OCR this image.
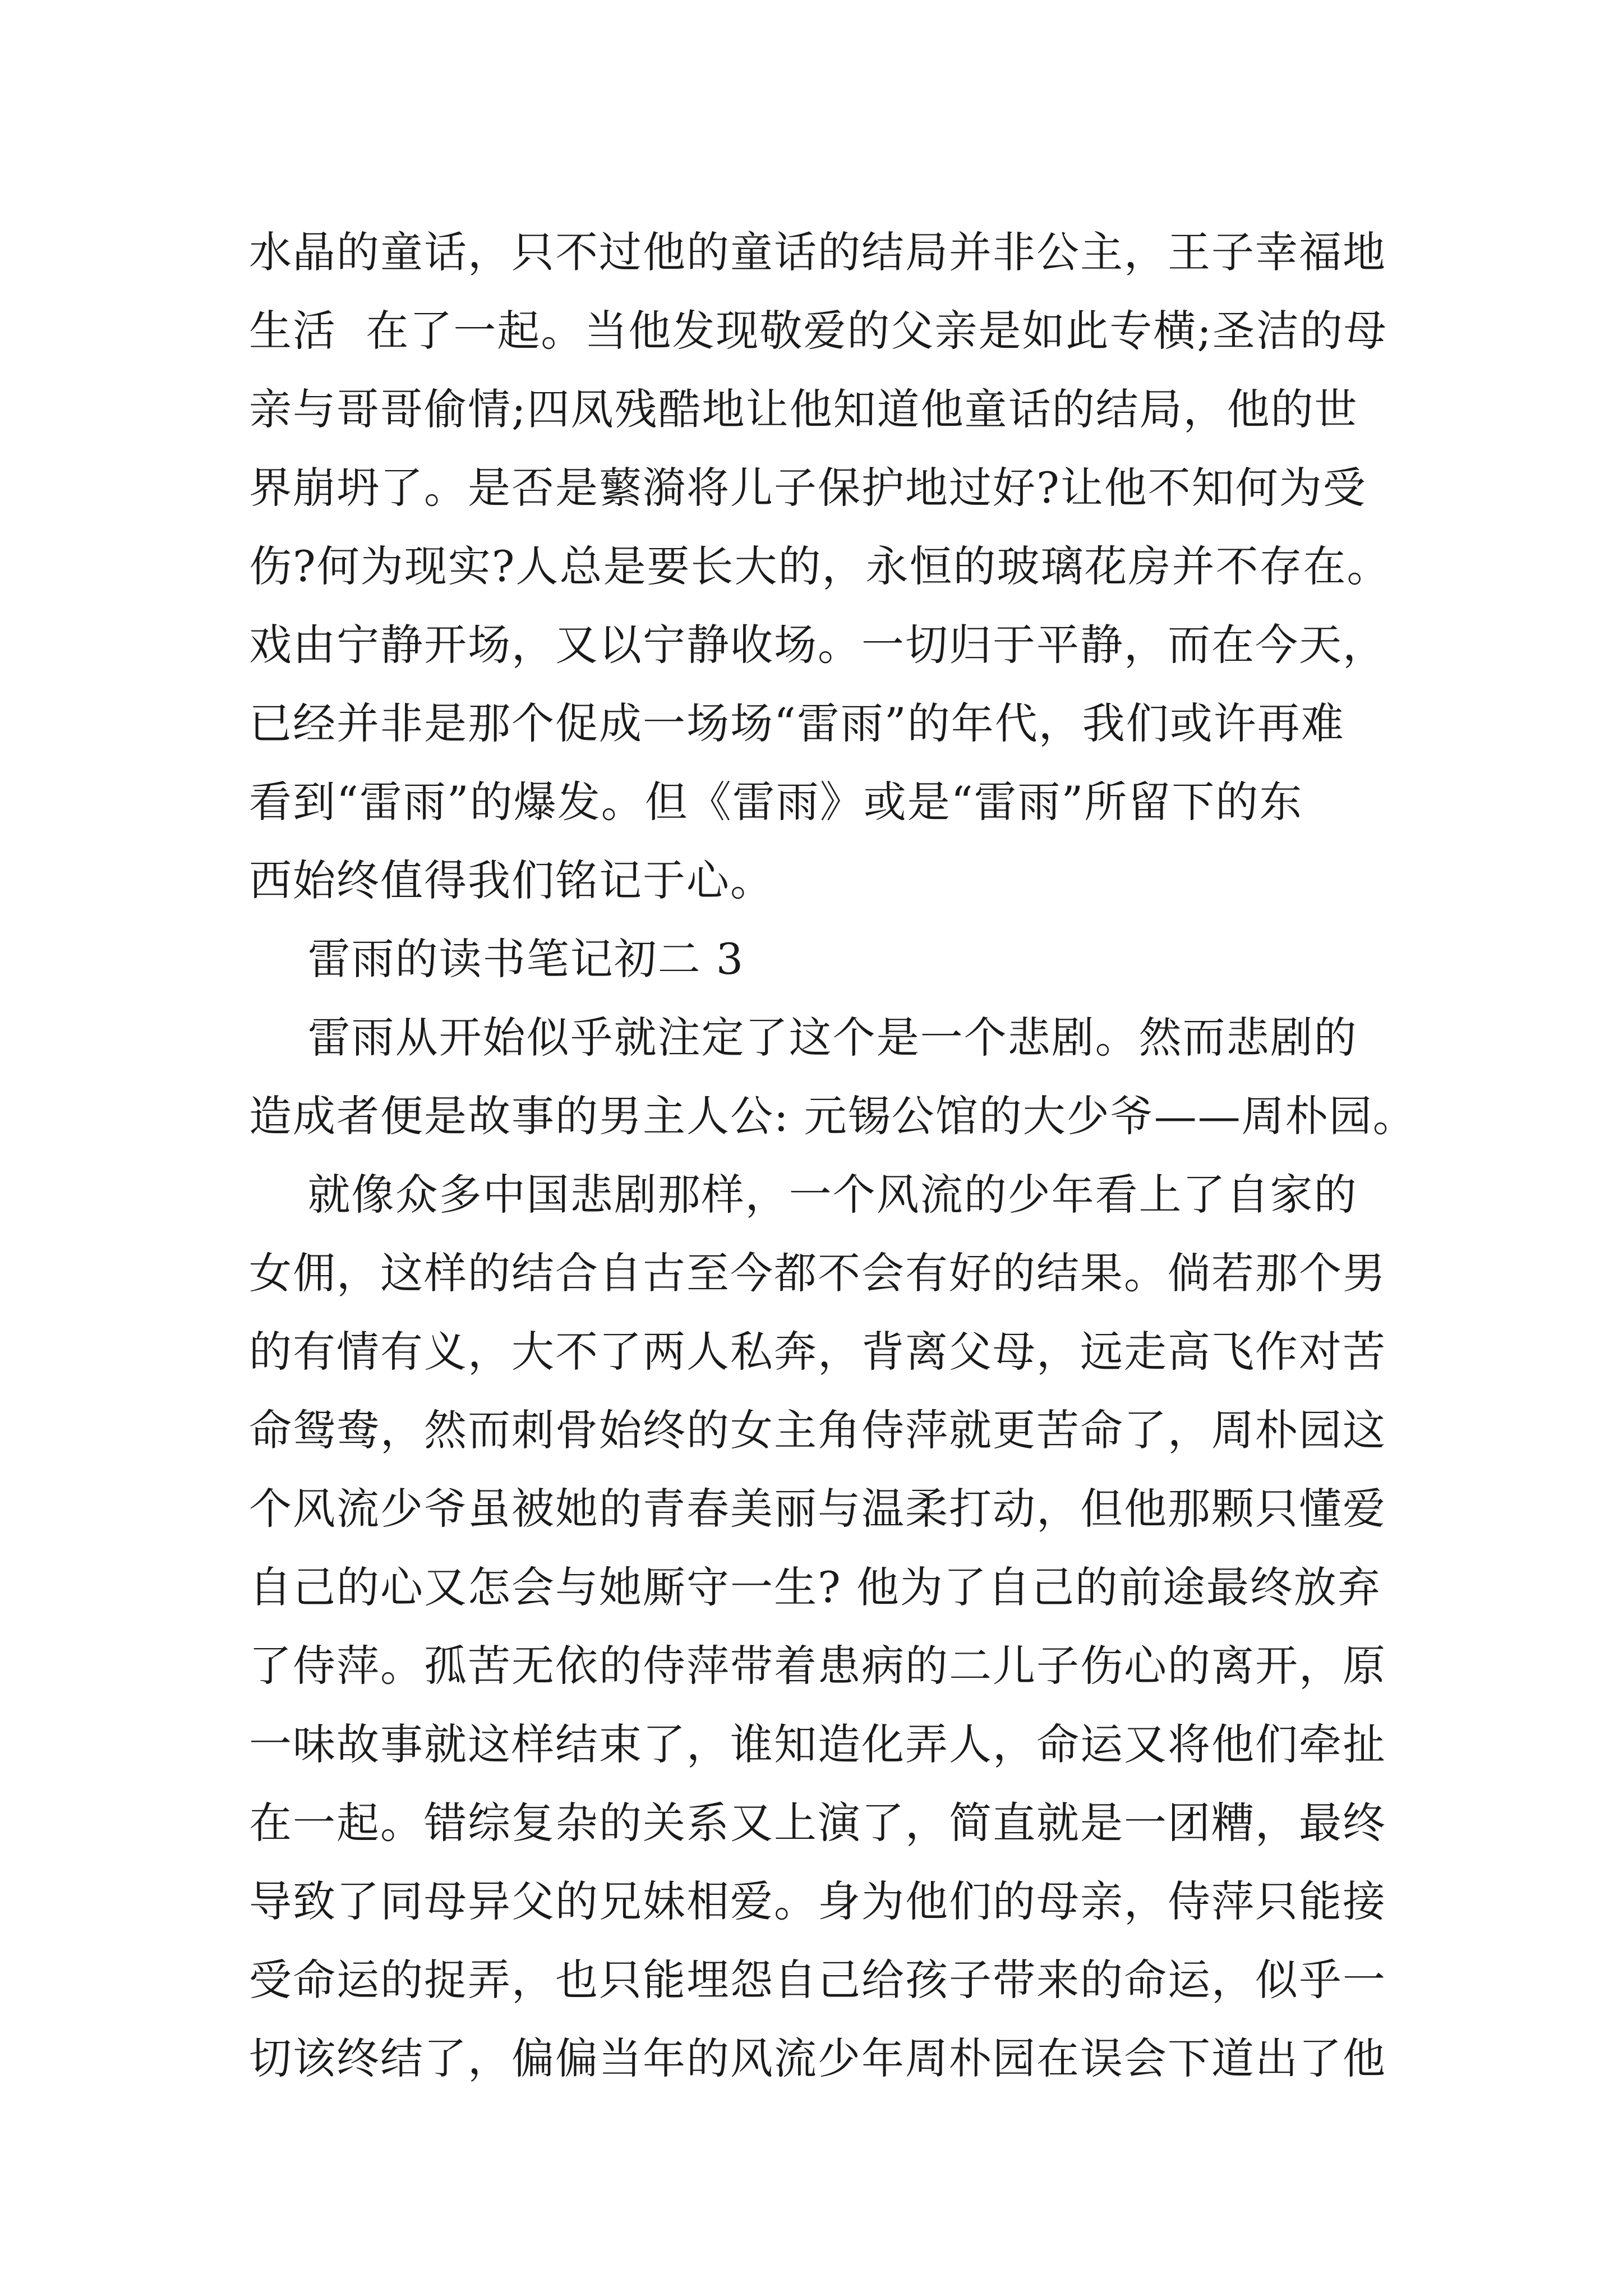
水晶的童话，只不过他的童话的结局并非公主，王子幸福地
生活  在了一起。当他发现敬爱的父亲是如此专横;圣洁的母
亲与哥哥偷情;四凤残酷地让他知道他童话的结局，他的世
界崩坍了。是否是蘩漪将儿子保护地过好?让他不知何为受
伤?何为现实?人总是要长大的，永恒的玻璃花房并不存在。
戏由宁静开场，又以宁静收场。一切归于平静，而在今天，
已经并非是那个促成一场场“雷雨”的年代，我们或许再难
看到“雷雨”的爆发。但《雷雨》或是“雷雨”所留下的东
西始终值得我们铭记于心。
雷雨的读书笔记初二 3
雷雨从开始似乎就注定了这个是一个悲剧。然而悲剧的
造成者便是故事的男主人公: 元锡公馆的大少爷——周朴园。
就像众多中国悲剧那样，一个风流的少年看上了自家的
女佣，这样的结合自古至今都不会有好的结果。倘若那个男
的有情有义，大不了两人私奔，背离父母，远走高飞作对苦
命鸳鸯，然而刺骨始终的女主角侍萍就更苦命了，周朴园这
个风流少爷虽被她的青春美丽与温柔打动，但他那颗只懂爱
自己的心又怎会与她厮守一生? 他为了自己的前途最终放弃
了侍萍。孤苦无依的侍萍带着患病的二儿子伤心的离开，原
一味故事就这样结束了，谁知造化弄人，命运又将他们牵扯
在一起。错综复杂的关系又上演了，简直就是一团糟，最终
导致了同母异父的兄妹相爱。身为他们的母亲，侍萍只能接
受命运的捉弄，也只能埋怨自己给孩子带来的命运，似乎一
切该终结了，偏偏当年的风流少年周朴园在误会下道出了他
